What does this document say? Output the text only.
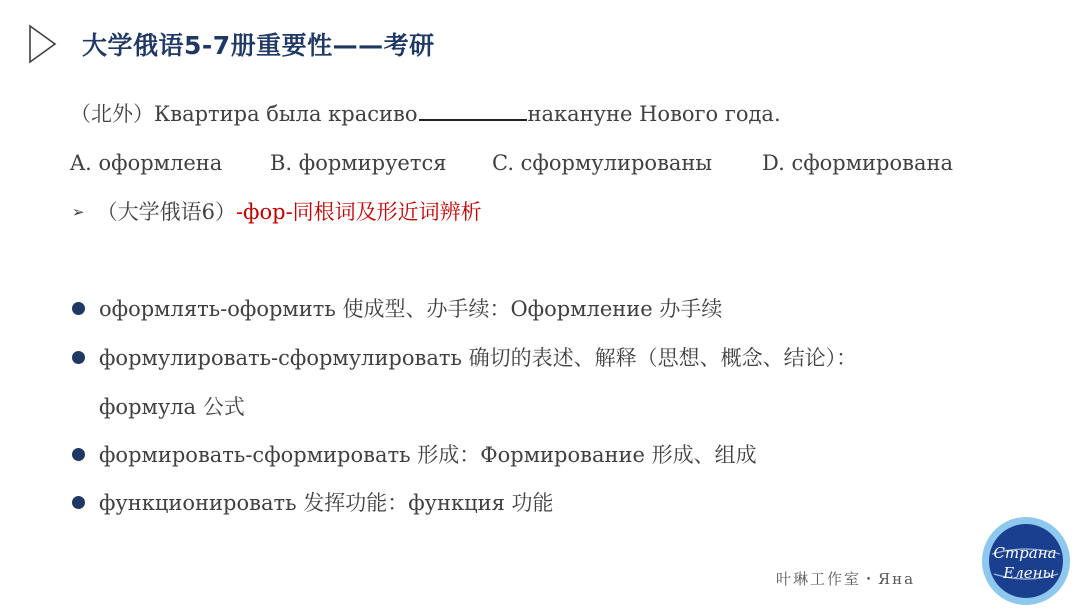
大学俄语5-7册重要性——考研
（北外）Квартира была красиво	накануне Нового года.
A. оформлена	B. формируется	C. сформулированы	D. сформирована
➢ （大学俄语6）-фор-同根词及形近词辨析
оформлять-оформить 使成型、办手续：Оформление 办手续
формулировать-сформулировать 确切的表述、解释（思想、概念、结论）：
формула 公式
формировать-сформировать 形成：Формирование 形成、组成
функционировать 发挥功能：функция 功能
叶琳工作室・Яна
Страна
Елены
